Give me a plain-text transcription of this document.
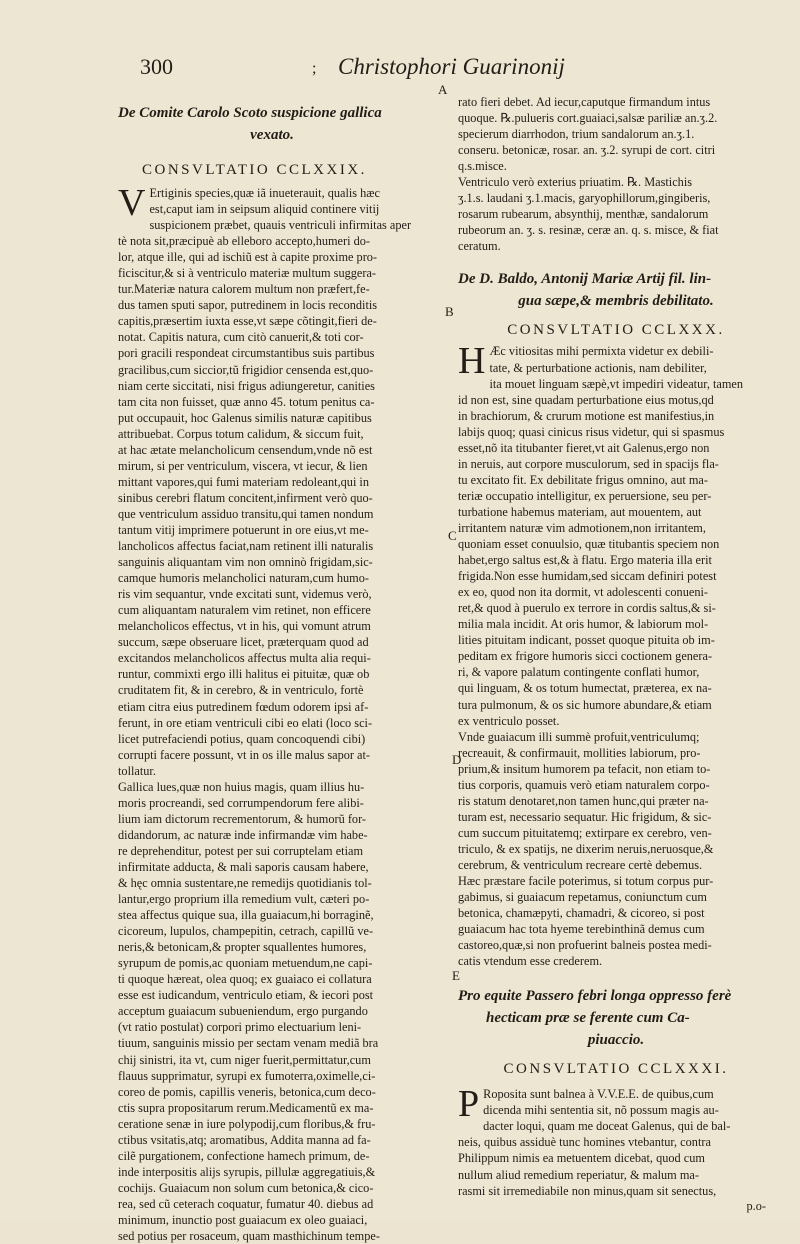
300	; Christophori Guarinonij
A
B
C
D
E

De Comite Carolo Scoto suspicione gallica
vexato.

CONSVLTATIO CCLXXIX.

V Ertiginis species,quæ iã inueterauit, qualis hæc
est,caput iam in seipsum aliquid continere vitij
suspicionem præbet, quauis ventriculi infirmitas aper
tè nota sit,præcipuè ab elleboro accepto,humeri do-
lor, atque ille, qui ad ischiũ est à capite proxime pro-
ficiscitur,& si à ventriculo materiæ multum suggera-
tur.Materiæ natura calorem multum non præfert,fe-
dus tamen sputi sapor, putredinem in locis reconditis
capitis,præsertim iuxta esse,vt sæpe cõtingit,fieri de-
notat. Capitis natura, cum citò canuerit,& toti cor-
pori gracili respondeat circumstantibus suis partibus
gracilibus,cum siccior,tũ frigidior censenda est,quo-
niam certe siccitati, nisi frigus adiungeretur, canities
tam cita non fuisset, quæ anno 45. totum penitus ca-
put occupauit, hoc Galenus similis naturæ capitibus
attribuebat. Corpus totum calidum, & siccum fuit,
at hac ætate melancholicum censendum,vnde nõ est
mirum, si per ventriculum, viscera, vt iecur, & lien
mittant vapores,qui fumi materiam redoleant,qui in
sinibus cerebri flatum concitent,infirment verò quo-
que ventriculum assiduo transitu,qui tamen nondum
tantum vitij imprimere potuerunt in ore eius,vt me-
lancholicos affectus faciat,nam retinent illi naturalis
sanguinis aliquantam vim non omninò frigidam,sic-
camque humoris melancholici naturam,cum humo-
ris vim sequantur, vnde excitati sunt, videmus verò,
cum aliquantam naturalem vim retinet, non efficere
melancholicos effectus, vt in his, qui vomunt atrum
succum, sæpe obseruare licet, præterquam quod ad
excitandos melancholicos affectus multa alia requi-
runtur, commixti ergo illi halitus ei pituitæ, quæ ob
cruditatem fit, & in cerebro, & in ventriculo, fortè
etiam citra eius putredinem fœdum odorem ipsi af-
ferunt, in ore etiam ventriculi cibi eo elati (loco sci-
licet putrefaciendi potius, quam concoquendi cibi)
corrupti facere possunt, vt in os ille malus sapor at-
tollatur.
Gallica lues,quæ non huius magis, quam illius hu-
moris procreandi, sed corrumpendorum fere alibi-
lium iam dictorum recrementorum, & humorũ for-
didandorum, ac naturæ inde infirmandæ vim habe-
re deprehenditur, potest per sui corruptelam etiam
infirmitate adducta, & mali saporis causam habere,
& hęc omnia sustentare,ne remedijs quotidianis tol-
lantur,ergo proprium illa remedium vult, cæteri po-
stea affectus quique sua, illa guaiacum,hi borraginẽ,
cicoreum, lupulos, champepitin, cetrach, capillũ ve-
neris,& betonicam,& propter squallentes humores,
syrupum de pomis,ac quoniam metuendum,ne capi-
ti quoque hæreat, olea quoq; ex guaiaco ei collatura
esse est iudicandum, ventriculo etiam, & iecori post
acceptum guaiacum subueniendum, ergo purgando
(vt ratio postulat) corpori primo electuarium leni-
tiuum, sanguinis missio per sectam venam mediã bra
chij sinistri, ita vt, cum niger fuerit,permittatur,cum
flauus supprimatur, syrupi ex fumoterra,oximelle,ci-
coreo de pomis, capillis veneris, betonica,cum deco-
ctis supra propositarum rerum.Medicamentũ ex ma-
ceratione senæ in iure polypodij,cum floribus,& fru-
ctibus vsitatis,atq; aromatibus, Addita manna ad fa-
cilẽ purgationem, confectione hamech primum, de-
inde interpositis alijs syrupis, pillulæ aggregatiuis,&
cochijs. Guaiacum non solum cum betonica,& cico-
rea, sed cũ ceterach coquatur, fumatur 40. diebus ad
minimum, inunctio post guaiacum ex oleo guaiaci,
sed potius per rosaceum, quam masthichinum tempe-
rato fieri debet. Ad iecur,caputque firmandum intus
quoque. ℞.pulueris cort.guaiaci,salsæ pariliæ an.ʒ.2.
specierum diarrhodon, trium sandalorum an.ʒ.1.
conseru. betonicæ, rosar. an. ʒ.2. syrupi de cort. citri
q.s.misce.
Ventriculo verò exterius priuatim. ℞. Mastichis
ʒ.1.s. laudani ʒ.1.macis, garyophillorum,gingiberis,
rosarum rubearum, absynthij, menthæ, sandalorum
rubeorum an. ʒ. s. resinæ, ceræ an. q. s. misce, & fiat
ceratum.

De D. Baldo, Antonij Mariæ Artij fil. lin-
gua sæpe,& membris debilitato.

CONSVLTATIO CCLXXX.

H Æc vitiositas mihi permixta videtur ex debili-
tate, & perturbatione actionis, nam debiliter,
ita mouet linguam sæpè,vt impediri videatur, tamen
id non est, sine quadam perturbatione eius motus,qd
in brachiorum, & crurum motione est manifestius,in
labijs quoq; quasi cinicus risus videtur, qui si spasmus
esset,nõ ita titubanter fieret,vt ait Galenus,ergo non
in neruis, aut corpore musculorum, sed in spacijs fla-
tu excitato fit. Ex debilitate frigus omnino, aut ma-
teriæ occupatio intelligitur, ex peruersione, seu per-
turbatione habemus materiam, aut mouentem, aut
irritantem naturæ vim admotionem,non irritantem,
quoniam esset conuulsio, quæ titubantis speciem non
habet,ergo saltus est,& à flatu. Ergo materia illa erit
frigida.Non esse humidam,sed siccam definiri potest
ex eo, quod non ita dormit, vt adolescenti conueni-
ret,& quod à puerulo ex terrore in cordis saltus,& si-
milia mala incidit. At oris humor, & labiorum mol-
lities pituitam indicant, posset quoque pituita ob im-
peditam ex frigore humoris sicci coctionem genera-
ri, & vapore palatum contingente conflati humor,
qui linguam, & os totum humectat, præterea, ex na-
tura pulmonum, & os sic humore abundare,& etiam
ex ventriculo posset.
Vnde guaiacum illi summè profuit,ventriculumq;
recreauit, & confirmauit, mollities labiorum, pro-
prium,& insitum humorem pa tefacit, non etiam to-
tius corporis, quamuis verò etiam naturalem corpo-
ris statum denotaret,non tamen hunc,qui præter na-
turam est, necessario sequatur. Hic frigidum, & sic-
cum succum pituitatemq; extirpare ex cerebro, ven-
triculo, & ex spatijs, ne dixerim neruis,neruosque,&
cerebrum, & ventriculum recreare certè debemus.
Hæc præstare facile poterimus, si totum corpus pur-
gabimus, si guaiacum repetamus, coniunctum cum
betonica, chamæpyti, chamadri, & cicoreo, si post
guaiacum hac tota hyeme terebinthinã demus cum
castoreo,quæ,si non profuerint balneis postea medi-
catis vtendum esse crederem.

Pro equite Passero febri longa oppresso ferè
hecticam præ se ferente cum Ca-
piuaccio.

CONSVLTATIO CCLXXXI.

P Roposita sunt balnea à V.V.E.E. de quibus,cum
dicenda mihi sententia sit, nõ possum magis au-
dacter loqui, quam me doceat Galenus, qui de bal-
neis, quibus assiduè tunc homines vtebantur, contra
Philippum nimis ea metuentem dicebat, quod cum
nullum aliud remedium reperiatur, & malum ma-
rasmi sit irremediabile non minus,quam sit senectus,
p.o-
